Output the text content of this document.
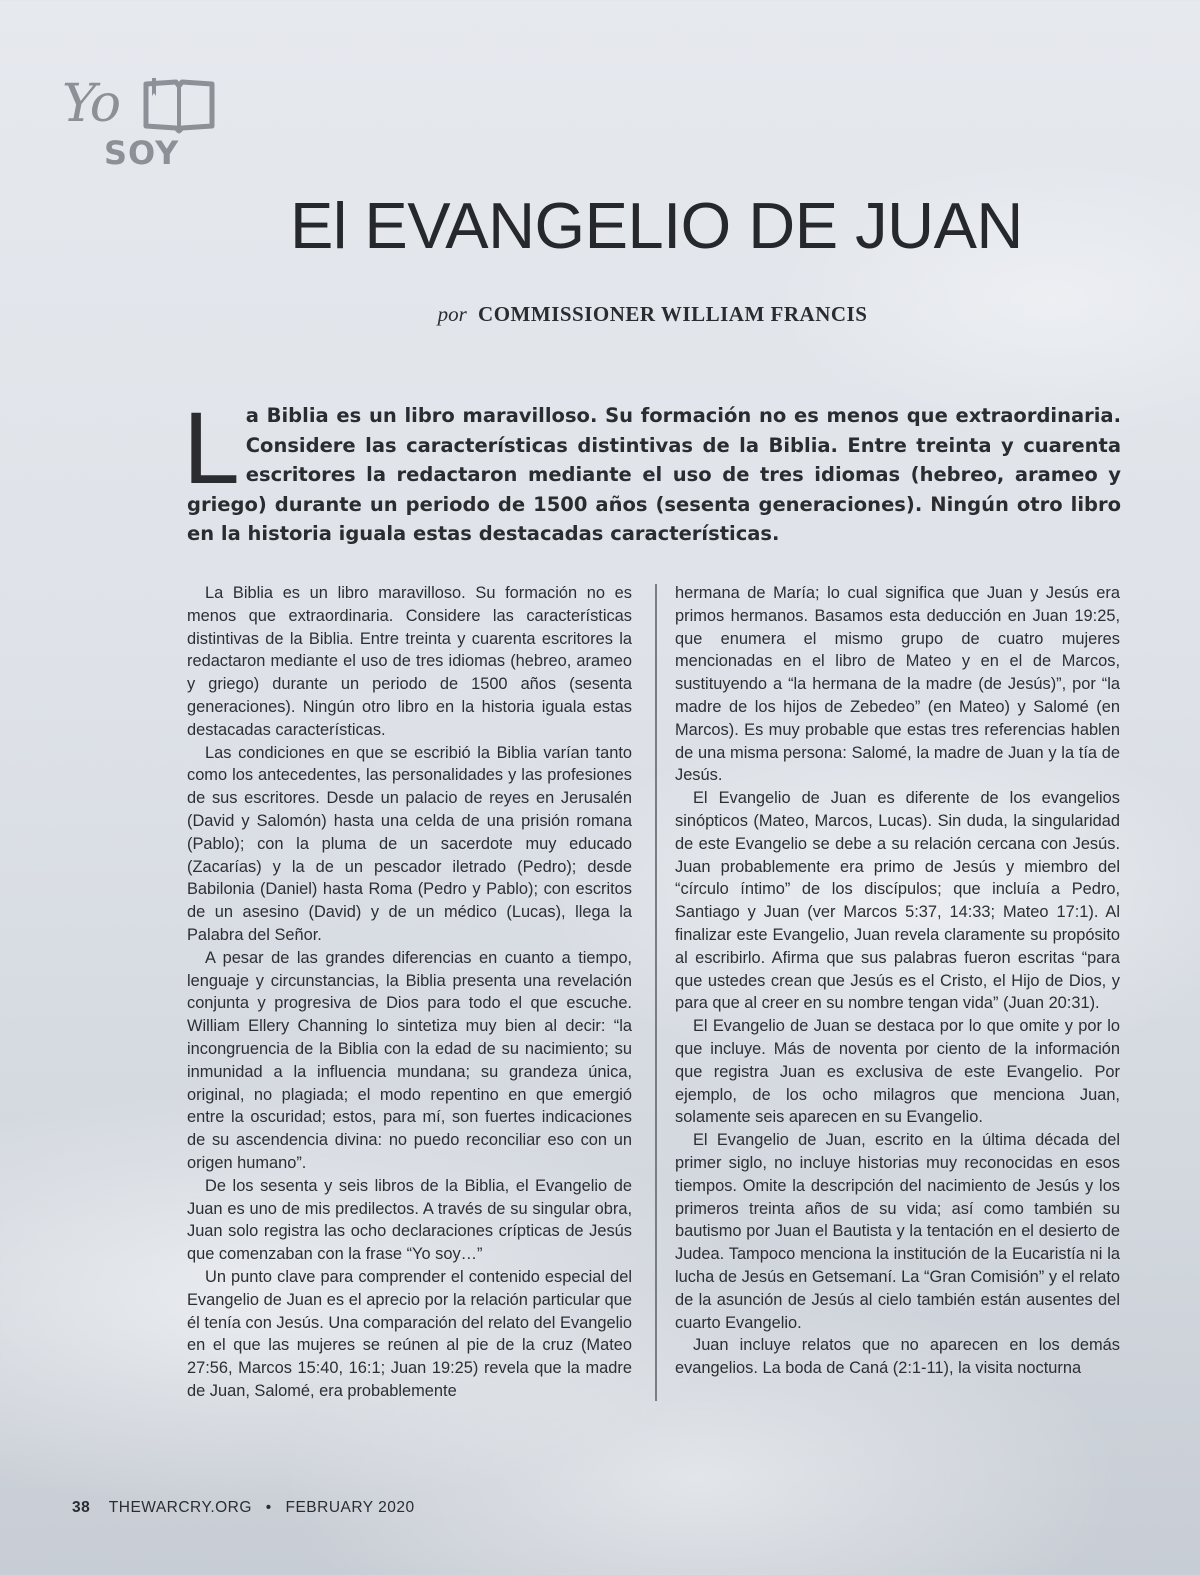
Yo
SOY
El EVANGELIO DE JUAN
por COMMISSIONER WILLIAM FRANCIS
L a Biblia es un libro maravilloso. Su formación no es menos que extraordinaria. Considere las características distintivas de la Biblia. Entre treinta y cuarenta escritores la redactaron mediante el uso de tres idiomas (hebreo, arameo y griego) durante un periodo de 1500 años (sesenta generaciones). Ningún otro libro en la historia iguala estas destacadas características.

La Biblia es un libro maravilloso. Su formación no es menos que extraordinaria. Considere las características distintivas de la Biblia. Entre treinta y cuarenta escritores la redactaron mediante el uso de tres idiomas (hebreo, arameo y griego) durante un periodo de 1500 años (sesenta generaciones). Ningún otro libro en la historia iguala estas destacadas características.

Las condiciones en que se escribió la Biblia varían tanto como los antecedentes, las personalidades y las profesiones de sus escritores. Desde un palacio de reyes en Jerusalén (David y Salomón) hasta una celda de una prisión romana (Pablo); con la pluma de un sacerdote muy educado (Zacarías) y la de un pescador iletrado (Pedro); desde Babilonia (Daniel) hasta Roma (Pedro y Pablo); con escritos de un asesino (David) y de un médico (Lucas), llega la Palabra del Señor.

A pesar de las grandes diferencias en cuanto a tiempo, lenguaje y circunstancias, la Biblia presenta una revelación conjunta y progresiva de Dios para todo el que escuche. William Ellery Channing lo sintetiza muy bien al decir: “la incongruencia de la Biblia con la edad de su nacimiento; su inmunidad a la influencia mundana; su grandeza única, original, no plagiada; el modo repentino en que emergió entre la oscuridad; estos, para mí, son fuertes indicaciones de su ascendencia divina: no puedo reconciliar eso con un origen humano”.

De los sesenta y seis libros de la Biblia, el Evangelio de Juan es uno de mis predilectos. A través de su singular obra, Juan solo registra las ocho declaraciones crípticas de Jesús que comenzaban con la frase “Yo soy…”

Un punto clave para comprender el contenido especial del Evangelio de Juan es el aprecio por la relación particular que él tenía con Jesús. Una comparación del relato del Evangelio en el que las mujeres se reúnen al pie de la cruz (Mateo 27:56, Marcos 15:40, 16:1; Juan 19:25) revela que la madre de Juan, Salomé, era probablemente

hermana de María; lo cual significa que Juan y Jesús era primos hermanos. Basamos esta deducción en Juan 19:25, que enumera el mismo grupo de cuatro mujeres mencionadas en el libro de Mateo y en el de Marcos, sustituyendo a “la hermana de la madre (de Jesús)”, por “la madre de los hijos de Zebedeo” (en Mateo) y Salomé (en Marcos). Es muy probable que estas tres referencias hablen de una misma persona: Salomé, la madre de Juan y la tía de Jesús.

El Evangelio de Juan es diferente de los evangelios sinópticos (Mateo, Marcos, Lucas). Sin duda, la singularidad de este Evangelio se debe a su relación cercana con Jesús. Juan probablemente era primo de Jesús y miembro del “círculo íntimo” de los discípulos; que incluía a Pedro, Santiago y Juan (ver Marcos 5:37, 14:33; Mateo 17:1). Al finalizar este Evangelio, Juan revela claramente su propósito al escribirlo. Afirma que sus palabras fueron escritas “para que ustedes crean que Jesús es el Cristo, el Hijo de Dios, y para que al creer en su nombre tengan vida” (Juan 20:31).

El Evangelio de Juan se destaca por lo que omite y por lo que incluye. Más de noventa por ciento de la información que registra Juan es exclusiva de este Evangelio. Por ejemplo, de los ocho milagros que menciona Juan, solamente seis aparecen en su Evangelio.

El Evangelio de Juan, escrito en la última década del primer siglo, no incluye historias muy reconocidas en esos tiempos. Omite la descripción del nacimiento de Jesús y los primeros treinta años de su vida; así como también su bautismo por Juan el Bautista y la tentación en el desierto de Judea. Tampoco menciona la institución de la Eucaristía ni la lucha de Jesús en Getsemaní. La “Gran Comisión” y el relato de la asunción de Jesús al cielo también están ausentes del cuarto Evangelio.

Juan incluye relatos que no aparecen en los demás evangelios. La boda de Caná (2:1-11), la visita nocturna

38 THEWARCRY.ORG • FEBRUARY 2020
